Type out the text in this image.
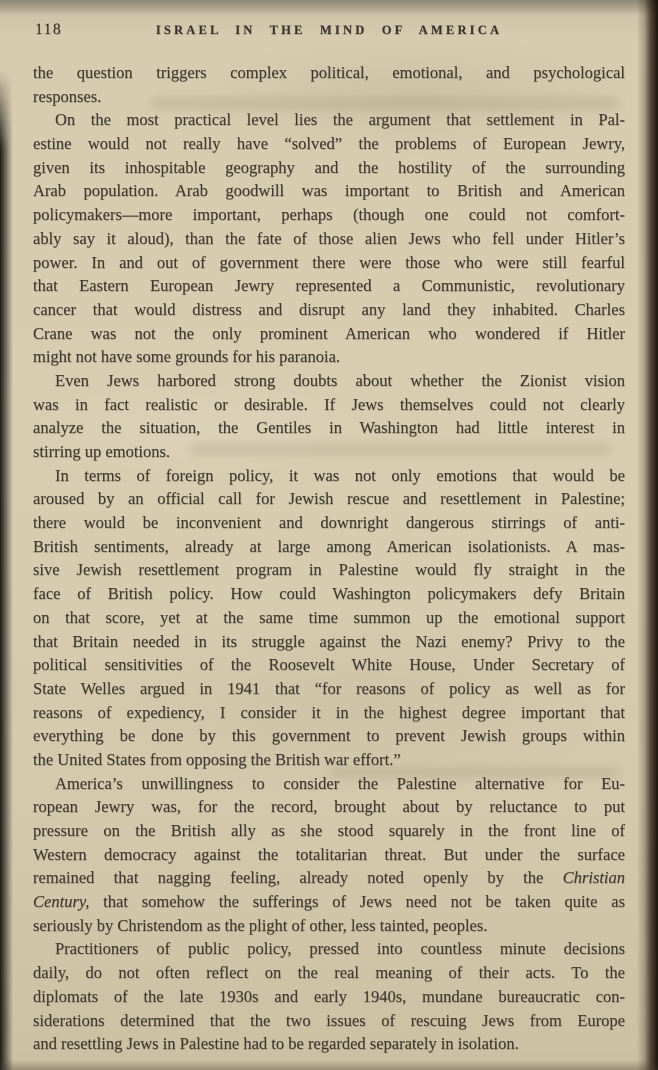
118	ISRAEL IN THE MIND OF AMERICA
the question triggers complex political, emotional, and psychological
responses.
On the most practical level lies the argument that settlement in Pal-
estine would not really have “solved” the problems of European Jewry,
given its inhospitable geography and the hostility of the surrounding
Arab population. Arab goodwill was important to British and American
policymakers—more important, perhaps (though one could not comfort-
ably say it aloud), than the fate of those alien Jews who fell under Hitler’s
power. In and out of government there were those who were still fearful
that Eastern European Jewry represented a Communistic, revolutionary
cancer that would distress and disrupt any land they inhabited. Charles
Crane was not the only prominent American who wondered if Hitler
might not have some grounds for his paranoia.
Even Jews harbored strong doubts about whether the Zionist vision
was in fact realistic or desirable. If Jews themselves could not clearly
analyze the situation, the Gentiles in Washington had little interest in
stirring up emotions.
In terms of foreign policy, it was not only emotions that would be
aroused by an official call for Jewish rescue and resettlement in Palestine;
there would be inconvenient and downright dangerous stirrings of anti-
British sentiments, already at large among American isolationists. A mas-
sive Jewish resettlement program in Palestine would fly straight in the
face of British policy. How could Washington policymakers defy Britain
on that score, yet at the same time summon up the emotional support
that Britain needed in its struggle against the Nazi enemy? Privy to the
political sensitivities of the Roosevelt White House, Under Secretary of
State Welles argued in 1941 that “for reasons of policy as well as for
reasons of expediency, I consider it in the highest degree important that
everything be done by this government to prevent Jewish groups within
the United States from opposing the British war effort.”
America’s unwillingness to consider the Palestine alternative for Eu-
ropean Jewry was, for the record, brought about by reluctance to put
pressure on the British ally as she stood squarely in the front line of
Western democracy against the totalitarian threat. But under the surface
remained that nagging feeling, already noted openly by the Christian
Century, that somehow the sufferings of Jews need not be taken quite as
seriously by Christendom as the plight of other, less tainted, peoples.
Practitioners of public policy, pressed into countless minute decisions
daily, do not often reflect on the real meaning of their acts. To the
diplomats of the late 1930s and early 1940s, mundane bureaucratic con-
siderations determined that the two issues of rescuing Jews from Europe
and resettling Jews in Palestine had to be regarded separately in isolation.
